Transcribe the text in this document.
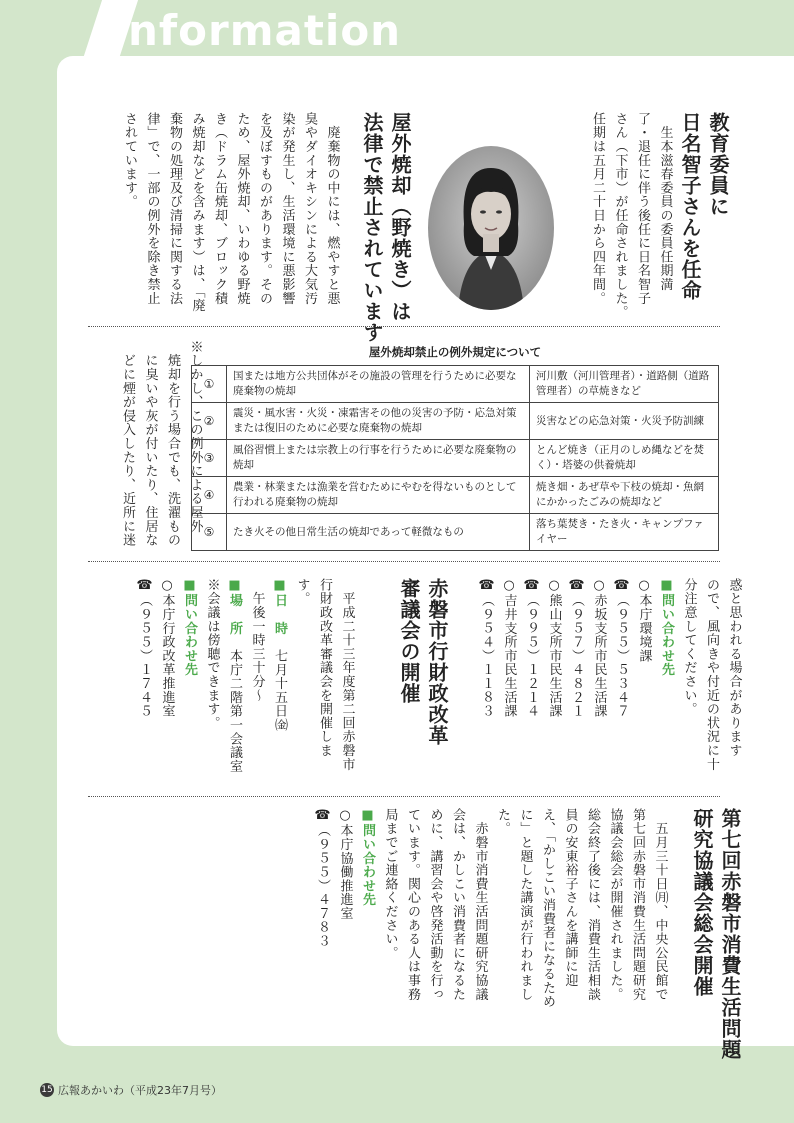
nformation

教育委員に
日名智子さんを任命

　生本滋春委員の委員任期満
了・退任に伴う後任に日名智子
さん（下市）が任命されました。
任期は五月二十日から四年間。

屋外焼却（野焼き）は
法律で禁止されています

　廃棄物の中には、燃やすと悪
臭やダイオキシンによる大気汚
染が発生し、生活環境に悪影響
を及ぼすものがあります。その
ため、屋外焼却、いわゆる野焼
き（ドラム缶焼却、ブロック積
み焼却などを含みます）は、「廃
棄物の処理及び清掃に関する法
律」で、一部の例外を除き禁止
されています。

※しかし、この例外による屋外
　焼却を行う場合でも、洗濯もの
　に臭いや灰が付いたり、住居な
　どに煙が侵入したり、近所に迷	屋外焼却禁止の例外規定について		
①	国または地方公共団体がその施設の管理を行うために必要な廃棄物の焼却	河川敷（河川管理者）・道路側（道路管理者）の草焼きなど
②	震災・風水害・火災・凍霜害その他の災害の予防・応急対策または復旧のために必要な廃棄物の焼却	災害などの応急対策・火災予防訓練
③	風俗習慣上または宗教上の行事を行うために必要な廃棄物の焼却	とんど焼き（正月のしめ縄などを焚く）・塔婆の供養焼却
④	農業・林業または漁業を営むためにやむを得ないものとして行われる廃棄物の焼却	焼き畑・あぜ草や下枝の焼却・魚網にかかったごみの焼却など
⑤	たき火その他日常生活の焼却であって軽微なもの	落ち葉焚き・たき火・キャンプファイヤー

惑と思われる場合があります
ので、風向きや付近の状況に十
分注意してください。
■問い合わせ先
○本庁環境課
☎（９５５）５３４７
○赤坂支所市民生活課
☎（９５７）４８２１
○熊山支所市民生活課
☎（９９５）１２１４
○吉井支所市民生活課
☎（９５４）１１８３

赤磐市行財政改革
審議会の開催

　平成二十三年度第二回赤磐市
行財政改革審議会を開催しま
す。
■日　時　七月十五日㈮
　午後一時三十分～
■場　所　本庁二階第一会議室
※会議は傍聴できます。
■問い合わせ先
○本庁行政改革推進室
☎（９５５）１７４５

第七回赤磐市消費生活問題
研究協議会総会開催

　五月三十日㈪、中央公民館で
第七回赤磐市消費生活問題研究
協議会総会が開催されました。
総会終了後には、消費生活相談
員の安東裕子さんを講師に迎
え、「かしこい消費者になるため
に」と題した講演が行われまし
た。
　赤磐市消費生活問題研究協議
会は、かしこい消費者になるた
めに、講習会や啓発活動を行っ
ています。関心のある人は事務
局までご連絡ください。
■問い合わせ先
○本庁協働推進室
☎（９５５）４７８３

15 広報あかいわ（平成23年7月号）
